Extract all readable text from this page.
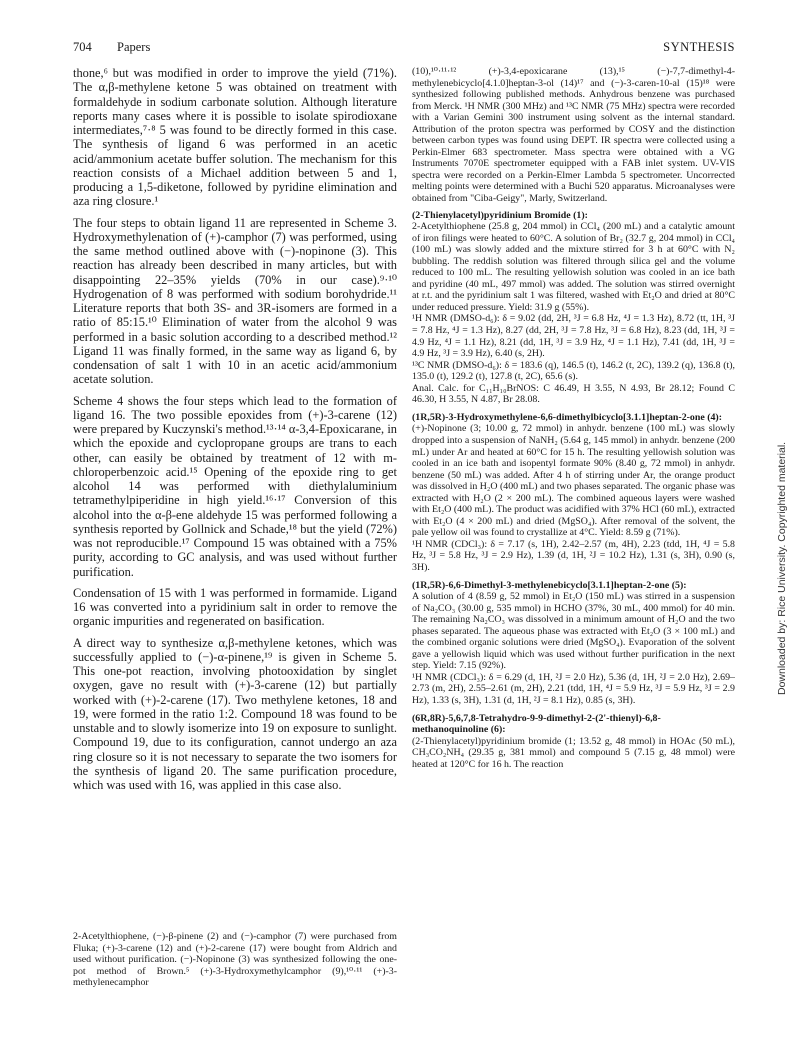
704 Papers	SYNTHESIS

thone,⁶ but was modified in order to improve the yield (71%). The α,β-methylene ketone 5 was obtained on treatment with formaldehyde in sodium carbonate solution. Although literature reports many cases where it is possible to isolate spirodioxane intermediates,⁷·⁸ 5 was found to be directly formed in this case. The synthesis of ligand 6 was performed in an acetic acid/ammonium acetate buffer solution. The mechanism for this reaction consists of a Michael addition between 5 and 1, producing a 1,5-diketone, followed by pyridine elimination and aza ring closure.¹

The four steps to obtain ligand 11 are represented in Scheme 3. Hydroxymethylenation of (+)-camphor (7) was performed, using the same method outlined above with (−)-nopinone (3). This reaction has already been described in many articles, but with disappointing 22–35% yields (70% in our case).⁹·¹⁰ Hydrogenation of 8 was performed with sodium borohydride.¹¹ Literature reports that both 3S- and 3R-isomers are formed in a ratio of 85:15.¹⁰ Elimination of water from the alcohol 9 was performed in a basic solution according to a described method.¹² Ligand 11 was finally formed, in the same way as ligand 6, by condensation of salt 1 with 10 in an acetic acid/ammonium acetate solution.

Scheme 4 shows the four steps which lead to the formation of ligand 16. The two possible epoxides from (+)-3-carene (12) were prepared by Kuczynski's method.¹³·¹⁴ α-3,4-Epoxicarane, in which the epoxide and cyclopropane groups are trans to each other, can easily be obtained by treatment of 12 with m-chloroperbenzoic acid.¹⁵ Opening of the epoxide ring to get alcohol 14 was performed with diethylaluminium tetramethylpiperidine in high yield.¹⁶·¹⁷ Conversion of this alcohol into the α-β-ene aldehyde 15 was performed following a synthesis reported by Gollnick and Schade,¹⁸ but the yield (72%) was not reproducible.¹⁷ Compound 15 was obtained with a 75% purity, according to GC analysis, and was used without further purification.

Condensation of 15 with 1 was performed in formamide. Ligand 16 was converted into a pyridinium salt in order to remove the organic impurities and regenerated on basification.

A direct way to synthesize α,β-methylene ketones, which was successfully applied to (−)-α-pinene,¹⁹ is given in Scheme 5. This one-pot reaction, involving photooxidation by singlet oxygen, gave no result with (+)-3-carene (12) but partially worked with (+)-2-carene (17). Two methylene ketones, 18 and 19, were formed in the ratio 1:2. Compound 18 was found to be unstable and to slowly isomerize into 19 on exposure to sunlight. Compound 19, due to its configuration, cannot undergo an aza ring closure so it is not necessary to separate the two isomers for the synthesis of ligand 20. The same purification procedure, which was used with 16, was applied in this case also.

2-Acetylthiophene, (−)-β-pinene (2) and (−)-camphor (7) were purchased from Fluka; (+)-3-carene (12) and (+)-2-carene (17) were bought from Aldrich and used without purification. (−)-Nopinone (3) was synthesized following the one-pot method of Brown.⁵ (+)-3-Hydroxymethylcamphor (9),¹⁰·¹¹ (+)-3-methylenecamphor

(10),¹⁰·¹¹·¹² (+)-3,4-epoxicarane (13),¹⁵ (−)-7,7-dimethyl-4-methylenebicyclo[4.1.0]heptan-3-ol (14)¹⁷ and (−)-3-caren-10-al (15)¹⁸ were synthesized following published methods. Anhydrous benzene was purchased from Merck. ¹H NMR (300 MHz) and ¹³C NMR (75 MHz) spectra were recorded with a Varian Gemini 300 instrument using solvent as the internal standard. Attribution of the proton spectra was performed by COSY and the distinction between carbon types was found using DEPT. IR spectra were collected using a Perkin-Elmer 683 spectrometer. Mass spectra were obtained with a VG Instruments 7070E spectrometer equipped with a FAB inlet system. UV-VIS spectra were recorded on a Perkin-Elmer Lambda 5 spectrometer. Uncorrected melting points were determined with a Buchi 520 apparatus. Microanalyses were obtained from "Ciba-Geigy", Marly, Switzerland.

(2-Thienylacetyl)pyridinium Bromide (1):

2-Acetylthiophene (25.8 g, 204 mmol) in CCl₄ (200 mL) and a catalytic amount of iron filings were heated to 60°C. A solution of Br₂ (32.7 g, 204 mmol) in CCl₄ (100 mL) was slowly added and the mixture stirred for 3 h at 60°C with N₂ bubbling. The reddish solution was filtered through silica gel and the volume reduced to 100 mL. The resulting yellowish solution was cooled in an ice bath and pyridine (40 mL, 497 mmol) was added. The solution was stirred overnight at r.t. and the pyridinium salt 1 was filtered, washed with Et₂O and dried at 80°C under reduced pressure. Yield: 31.9 g (55%).

¹H NMR (DMSO-d₆): δ = 9.02 (dd, 2H, ³J = 6.8 Hz, ⁴J = 1.3 Hz), 8.72 (tt, 1H, ³J = 7.8 Hz, ⁴J = 1.3 Hz), 8.27 (dd, 2H, ³J = 7.8 Hz, ³J = 6.8 Hz), 8.23 (dd, 1H, ³J = 4.9 Hz, ⁴J = 1.1 Hz), 8.21 (dd, 1H, ³J = 3.9 Hz, ⁴J = 1.1 Hz), 7.41 (dd, 1H, ³J = 4.9 Hz, ³J = 3.9 Hz), 6.40 (s, 2H).

¹³C NMR (DMSO-d₆): δ = 183.6 (q), 146.5 (t), 146.2 (t, 2C), 139.2 (q), 136.8 (t), 135.0 (t), 129.2 (t), 127.8 (t, 2C), 65.6 (s).

Anal. Calc. for C₁₁H₁₀BrNOS: C 46.49, H 3.55, N 4.93, Br 28.12; Found C 46.30, H 3.55, N 4.87, Br 28.08.

(1R,5R)-3-Hydroxymethylene-6,6-dimethylbicyclo[3.1.1]heptan-2-one (4):

(+)-Nopinone (3; 10.00 g, 72 mmol) in anhydr. benzene (100 mL) was slowly dropped into a suspension of NaNH₂ (5.64 g, 145 mmol) in anhydr. benzene (200 mL) under Ar and heated at 60°C for 15 h. The resulting yellowish solution was cooled in an ice bath and isopentyl formate 90% (8.40 g, 72 mmol) in anhydr. benzene (50 mL) was added. After 4 h of stirring under Ar, the orange product was dissolved in H₂O (400 mL) and two phases separated. The organic phase was extracted with H₂O (2 × 200 mL). The combined aqueous layers were washed with Et₂O (400 mL). The product was acidified with 37% HCl (60 mL), extracted with Et₂O (4 × 200 mL) and dried (MgSO₄). After removal of the solvent, the pale yellow oil was found to crystallize at 4°C. Yield: 8.59 g (71%).

¹H NMR (CDCl₃): δ = 7.17 (s, 1H), 2.42–2.57 (m, 4H), 2.23 (tdd, 1H, ⁴J = 5.8 Hz, ³J = 5.8 Hz, ³J = 2.9 Hz), 1.39 (d, 1H, ²J = 10.2 Hz), 1.31 (s, 3H), 0.90 (s, 3H).

(1R,5R)-6,6-Dimethyl-3-methylenebicyclo[3.1.1]heptan-2-one (5):

A solution of 4 (8.59 g, 52 mmol) in Et₂O (150 mL) was stirred in a suspension of Na₂CO₃ (30.00 g, 535 mmol) in HCHO (37%, 30 mL, 400 mmol) for 40 min. The remaining Na₂CO₃ was dissolved in a minimum amount of H₂O and the two phases separated. The aqueous phase was extracted with Et₂O (3 × 100 mL) and the combined organic solutions were dried (MgSO₄). Evaporation of the solvent gave a yellowish liquid which was used without further purification in the next step. Yield: 7.15 (92%).

¹H NMR (CDCl₃): δ = 6.29 (d, 1H, ²J = 2.0 Hz), 5.36 (d, 1H, ²J = 2.0 Hz), 2.69–2.73 (m, 2H), 2.55–2.61 (m, 2H), 2.21 (tdd, 1H, ⁴J = 5.9 Hz, ³J = 5.9 Hz, ³J = 2.9 Hz), 1.33 (s, 3H), 1.31 (d, 1H, ²J = 8.1 Hz), 0.85 (s, 3H).

(6R,8R)-5,6,7,8-Tetrahydro-9-9-dimethyl-2-(2'-thienyl)-6,8-methanoquinoline (6):

(2-Thienylacetyl)pyridinium bromide (1; 13.52 g, 48 mmol) in HOAc (50 mL), CH₃CO₂NH₄ (29.35 g, 381 mmol) and compound 5 (7.15 g, 48 mmol) were heated at 120°C for 16 h. The reaction

Downloaded by: Rice University. Copyrighted material.
